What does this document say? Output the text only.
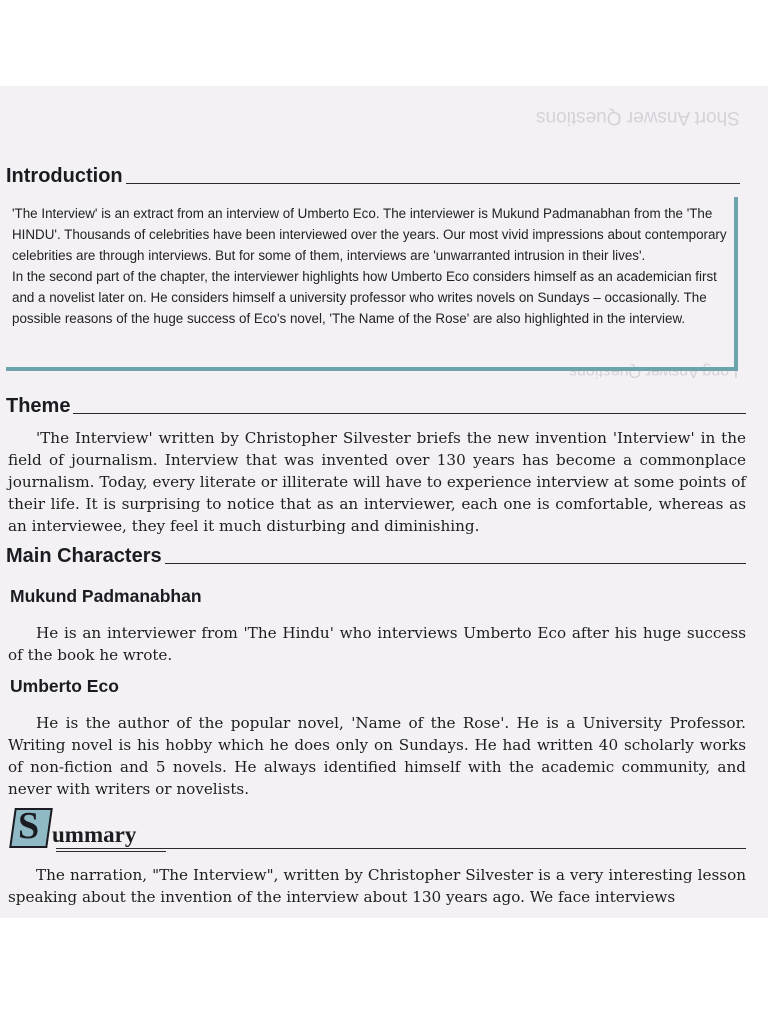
Short Answer Questions
Long Answer Questions
Introduction

'The Interview' is an extract from an interview of Umberto Eco. The interviewer is Mukund Padmanabhan from the 'The HINDU'. Thousands of celebrities have been interviewed over the years. Our most vivid impressions about contemporary celebrities are through interviews. But for some of them, interviews are 'unwarranted intrusion in their lives'.

In the second part of the chapter, the interviewer highlights how Umberto Eco considers himself as an academician first and a novelist later on. He considers himself a university professor who writes novels on Sundays – occasionally. The possible reasons of the huge success of Eco's novel, 'The Name of the Rose' are also highlighted in the interview.

Theme

'The Interview' written by Christopher Silvester briefs the new invention 'Interview' in the field of journalism. Interview that was invented over 130 years has become a commonplace journalism. Today, every literate or illiterate will have to experience interview at some points of their life. It is surprising to notice that as an interviewer, each one is comfortable, whereas as an interviewee, they feel it much disturbing and diminishing.

Main Characters
Mukund Padmanabhan

He is an interviewer from 'The Hindu' who interviews Umberto Eco after his huge success of the book he wrote.

Umberto Eco

He is the author of the popular novel, 'Name of the Rose'. He is a University Professor. Writing novel is his hobby which he does only on Sundays. He had written 40 scholarly works of non-fiction and 5 novels. He always identified himself with the academic community, and never with writers or novelists.

S ummary

The narration, "The Interview", written by Christopher Silvester is a very interesting lesson speaking about the invention of the interview about 130 years ago. We face interviews
